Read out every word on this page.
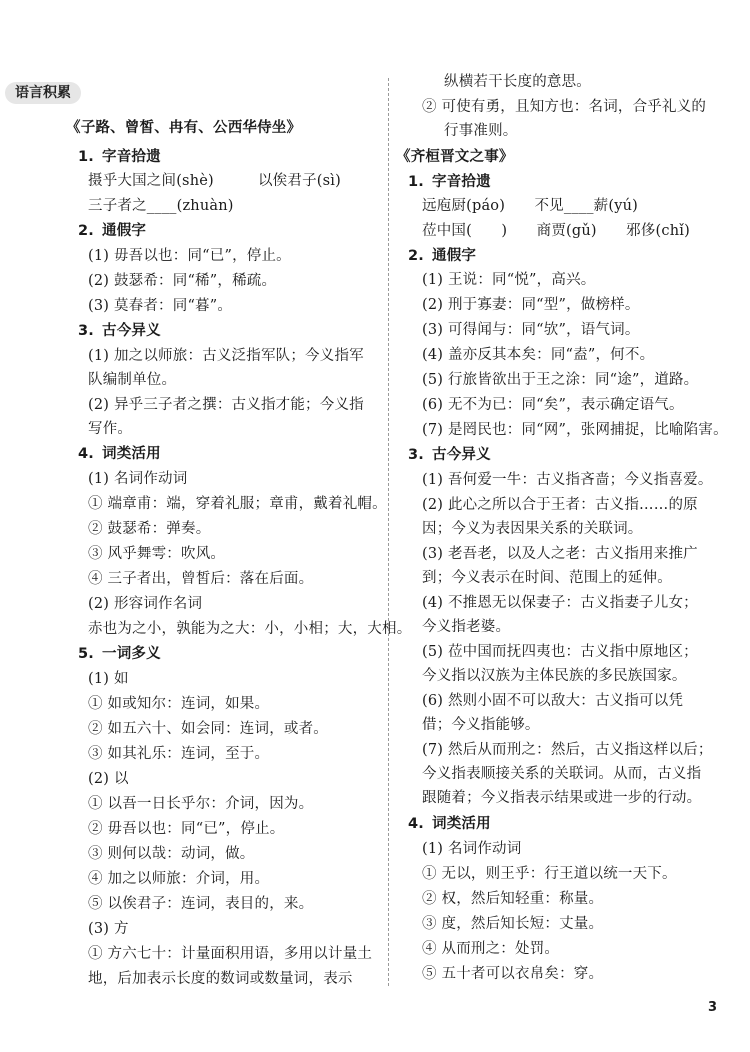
《子路、曾皙、冉有、公西华侍坐》
1. 字音拾遗
摄乎大国之间(shè)　　　以俟君子(sì)
三子者之____(zhuàn)
2. 通假字
(1) 毋吾以也：同“已”，停止。
(2) 鼓瑟希：同“稀”，稀疏。
(3) 莫春者：同“暮”。
3. 古今异义
(1) 加之以师旅：古义泛指军队；今义指军
队编制单位。
(2) 异乎三子者之撰：古义指才能；今义指
写作。
4. 词类活用
(1) 名词作动词
① 端章甫：端，穿着礼服；章甫，戴着礼帽。
② 鼓瑟希：弹奏。
③ 风乎舞雩：吹风。
④ 三子者出，曾皙后：落在后面。
(2) 形容词作名词
赤也为之小，孰能为之大：小，小相；大，大相。
5. 一词多义
(1) 如
① 如或知尔：连词，如果。
② 如五六十、如会同：连词，或者。
③ 如其礼乐：连词，至于。
(2) 以
① 以吾一日长乎尔：介词，因为。
② 毋吾以也：同“已”，停止。
③ 则何以哉：动词，做。
④ 加之以师旅：介词，用。
⑤ 以俟君子：连词，表目的，来。
(3) 方
① 方六七十：计量面积用语，多用以计量土
地，后加表示长度的数词或数量词，表示
纵横若干长度的意思。
② 可使有勇，且知方也：名词，合乎礼义的
行事准则。
《齐桓晋文之事》
1. 字音拾遗
远庖厨(páo)　　不见____薪(yú)
莅中国(　　)　　商贾(gǔ)　　邪侈(chǐ)
2. 通假字
(1) 王说：同“悦”，高兴。
(2) 刑于寡妻：同“型”，做榜样。
(3) 可得闻与：同“欤”，语气词。
(4) 盖亦反其本矣：同“盍”，何不。
(5) 行旅皆欲出于王之涂：同“途”，道路。
(6) 无不为已：同“矣”，表示确定语气。
(7) 是罔民也：同“网”，张网捕捉，比喻陷害。
3. 古今异义
(1) 吾何爱一牛：古义指吝啬；今义指喜爱。
(2) 此心之所以合于王者：古义指……的原
因；今义为表因果关系的关联词。
(3) 老吾老，以及人之老：古义指用来推广
到；今义表示在时间、范围上的延伸。
(4) 不推恩无以保妻子：古义指妻子儿女；
今义指老婆。
(5) 莅中国而抚四夷也：古义指中原地区；
今义指以汉族为主体民族的多民族国家。
(6) 然则小固不可以敌大：古义指可以凭
借；今义指能够。
(7) 然后从而刑之：然后，古义指这样以后；
今义指表顺接关系的关联词。从而，古义指
跟随着；今义指表示结果或进一步的行动。
4. 词类活用
(1) 名词作动词
① 无以，则王乎：行王道以统一天下。
② 权，然后知轻重：称量。
③ 度，然后知长短：丈量。
④ 从而刑之：处罚。
⑤ 五十者可以衣帛矣：穿。
语言积累
3
